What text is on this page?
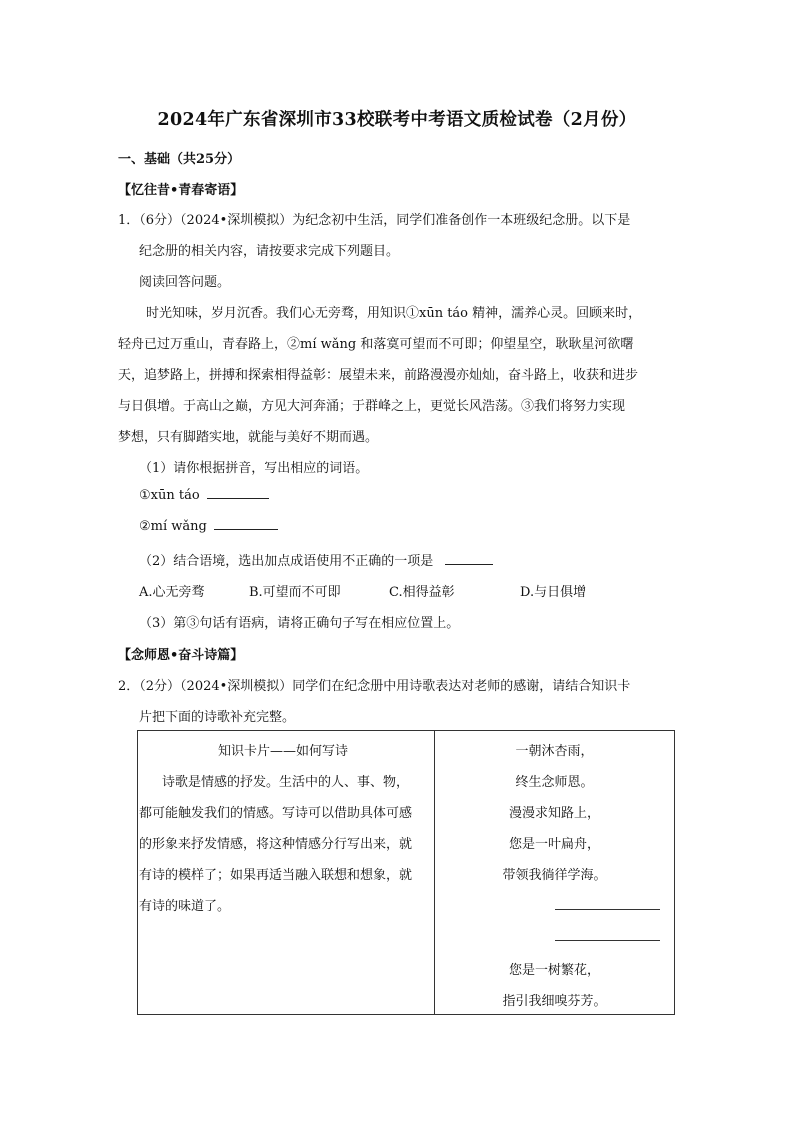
2024年广东省深圳市33校联考中考语文质检试卷（2月份）
一、基础（共25分）
【忆往昔•青春寄语】
1．（6分）（2024•深圳模拟）为纪念初中生活，同学们准备创作一本班级纪念册。以下是
纪念册的相关内容，请按要求完成下列题目。
阅读回答问题。
时光知味，岁月沉香。我们心无旁骛，用知识①xūn táo 精神，濡养心灵。回顾来时，
轻舟已过万重山，青春路上，②mí wǎng 和落寞可望而不可即；仰望星空，耿耿星河欲曙
天，追梦路上，拼搏和探索相得益彰：展望未来，前路漫漫亦灿灿，奋斗路上，收获和进步
与日俱增。于高山之巅，方见大河奔涌；于群峰之上，更觉长风浩荡。③我们将努力实现
梦想，只有脚踏实地，就能与美好不期而遇。
（1）请你根据拼音，写出相应的词语。
①xūn táo
②mí wǎng
（2）结合语境，选出加点成语使用不正确的一项是
A.心无旁骛	B.可望而不可即	C.相得益彰	D.与日俱增
（3）第③句话有语病，请将正确句子写在相应位置上。
【念师恩•奋斗诗篇】
2．（2分）（2024•深圳模拟）同学们在纪念册中用诗歌表达对老师的感谢，请结合知识卡
片把下面的诗歌补充完整。
知识卡片——如何写诗
诗歌是情感的抒发。生活中的人、事、物，
都可能触发我们的情感。写诗可以借助具体可感
的形象来抒发情感，将这种情感分行写出来，就
有诗的模样了；如果再适当融入联想和想象，就
有诗的味道了。

一朝沐杏雨，
终生念师恩。
漫漫求知路上，
您是一叶扁舟，
带领我徜徉学海。
您是一树繁花，
指引我细嗅芬芳。
